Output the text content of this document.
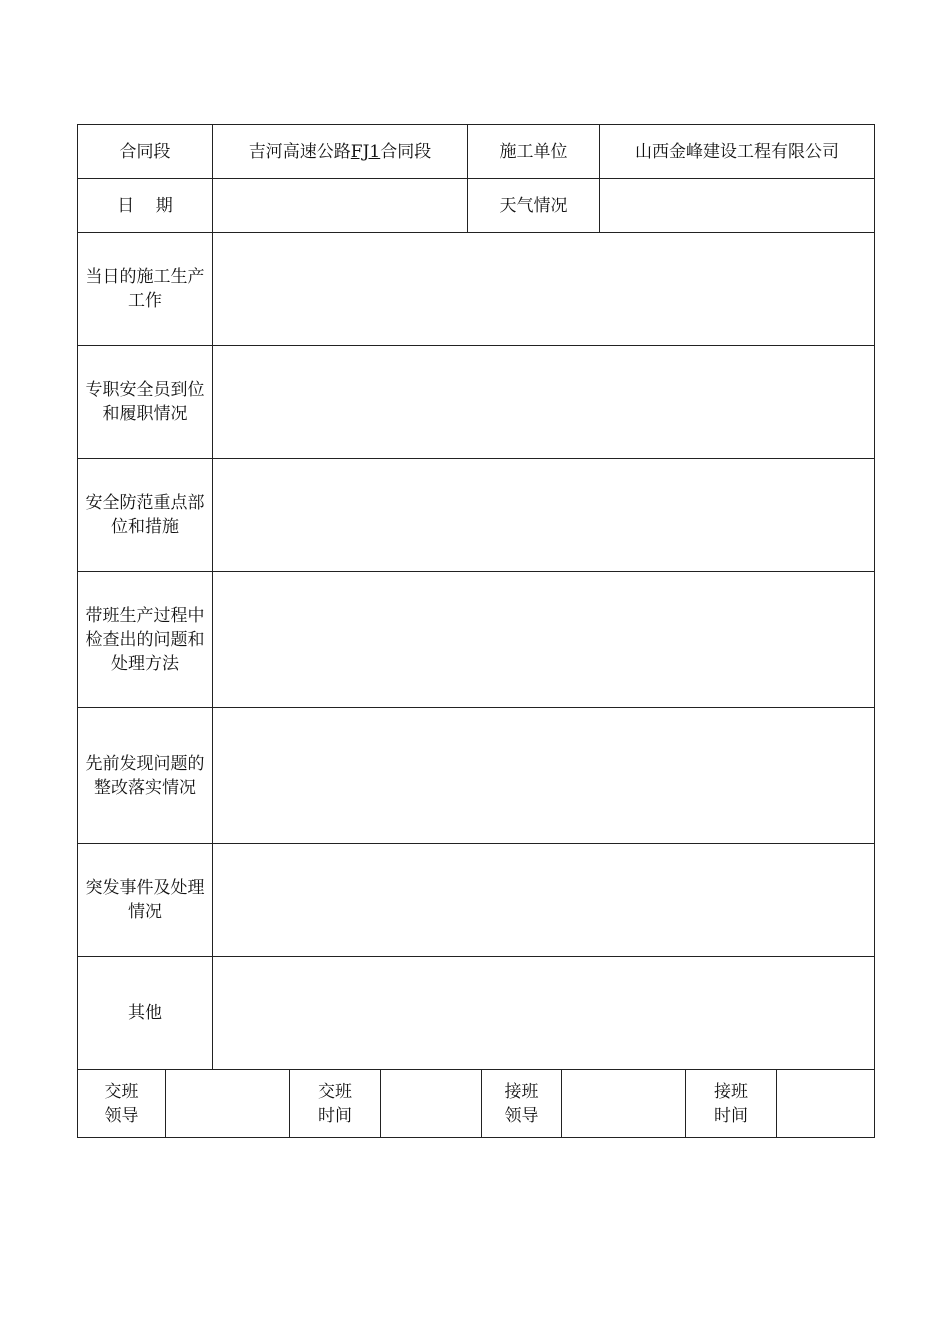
合同段	吉河高速公路FJ1合同段	施工单位	山西金峰建设工程有限公司
日    期		天气情况	
当日的施工生产工作			
专职安全员到位和履职情况			
安全防范重点部位和措施			
带班生产过程中检查出的问题和处理方法			
先前发现问题的整改落实情况			
突发事件及处理情况			
其他			
交班领导		交班时间		接班领导		接班时间	
